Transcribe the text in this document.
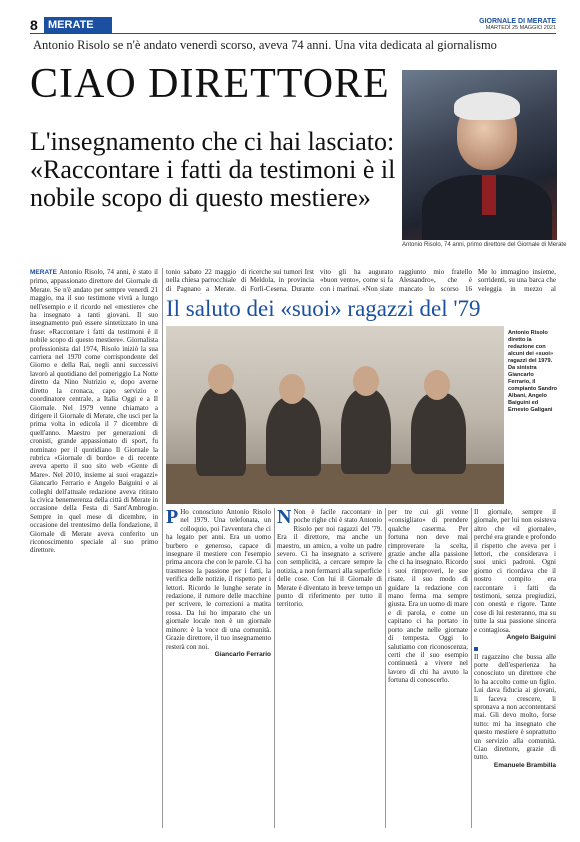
8 MERATE	GIORNALE DI MERATE
MARTEDÌ 25 MAGGIO 2021
Antonio Risolo se n'è andato venerdì scorso, aveva 74 anni. Una vita dedicata al giornalismo
CIAO DIRETTORE
L'insegnamento che ci hai lasciato: «Raccontare i fatti da testimoni è il nobile scopo di questo mestiere»
Antonio Risolo, 74 anni, primo direttore del Giornale di Merate
MERATE Antonio Risolo, 74 anni, è stato il primo, appassionato direttore del Giornale di Merate. Se n'è andato per sempre venerdì 21 maggio, ma il suo testimone vivrà a lungo nell'esempio e il ricordo nel «mestiere» che ha insegnato a tanti giovani. Il suo insegnamento può essere sintetizzato in una frase: «Raccontare i fatti da testimoni è il nobile scopo di questo mestiere». Giornalista professionista dal 1974, Risolo iniziò la sua carriera nel 1970 come corrispondente del Giorno e della Rai, negli anni successivi lavorò al quotidiano del pomeriggio La Notte diretto da Nino Nutrizio e, dopo averne diretto la cronaca, capo servizio e coordinatore centrale, a Italia Oggi e a Il Giornale. Nel 1979 venne chiamato a dirigere il Giornale di Merate, che uscì per la prima volta in edicola il 7 dicembre di quell'anno. Maestro per generazioni di cronisti, grande appassionato di sport, fu nominato per il quotidiano Il Giornale la rubrica «Giornale di bordo» e di recente aveva aperto il suo sito web «Gente di Mare». Nel 2010, insieme ai suoi «ragazzi» Giancarlo Ferrario e Angelo Baiguini e ai colleghi dell'attuale redazione aveva ritirato la civica benemerenza della città di Merate in occasione della Festa di Sant'Ambrogio. Sempre in quel mese di dicembre, in occasione del trentesimo della fondazione, il Giornale di Merate aveva conferito un riconoscimento speciale al suo primo direttore.
tonio sabato 22 maggio nella chiesa parrocchiale di Pagnano a Merate.
di ricerche sui tumori Irst di Meldola, in provincia di Forlì-Cesena. Durante
vito gli ha augurato «buon vento», come si fa con i marinai. «Non siate
raggiunto mio fratello Alessandro», che è mancato lo scorso 16
Me lo immagino insieme, sorridenti, su una barca che veleggia in mezzo al
Il saluto dei «suoi» ragazzi del '79
Antonio Risolo diretto la redazione con alcuni dei «suoi» ragazzi del 1979. Da sinistra Giancarlo Ferrario, il compianto Sandro Albani, Angelo Baiguini ed Ernesto Galigani
P Ho conosciuto Antonio Risolo nel 1979. Una telefonata, un colloquio, poi l'avventura che ci ha legato per anni. Era un uomo burbero e generoso, capace di insegnare il mestiere con l'esempio prima ancora che con le parole. Ci ha trasmesso la passione per i fatti, la verifica delle notizie, il rispetto per i lettori. Ricordo le lunghe serate in redazione, il rumore delle macchine per scrivere, le correzioni a matita rossa. Da lui ho imparato che un giornale locale non è un giornale minore: è la voce di una comunità. Grazie direttore, il tuo insegnamento resterà con noi.
Giancarlo Ferrario
N Non è facile raccontare in poche righe chi è stato Antonio Risolo per noi ragazzi del '79. Era il direttore, ma anche un maestro, un amico, a volte un padre severo. Ci ha insegnato a scrivere con semplicità, a cercare sempre la notizia, a non fermarci alla superficie delle cose. Con lui il Giornale di Merate è diventato in breve tempo un punto di riferimento per tutto il territorio.
per tre cui gli venne «consigliato» di prendere qualche caserma. Per fortuna non deve mai rimproverare la scelta, grazie anche alla passione che ci ha insegnato. Ricordo i suoi rimproveri, le sue risate, il suo modo di guidare la redazione con mano ferma ma sempre giusta. Era un uomo di mare e di parola, e come un capitano ci ha portato in porto anche nelle giornate di tempesta. Oggi lo salutiamo con riconoscenza, certi che il suo esempio continuerà a vivere nel lavoro di chi ha avuto la fortuna di conoscerlo.
Il giornale, sempre il giornale, per lui non esisteva altro che «il giornale», perché era grande e profondo il rispetto che aveva per i lettori, che considerava i suoi unici padroni. Ogni giorno ci ricordava che il nostro compito era raccontare i fatti da testimoni, senza pregiudizi, con onestà e rigore. Tante cose di lui resteranno, ma su tutte la sua passione sincera e contagiosa.
Angelo Baiguini
Il ragazzino che bussa alle porte dell'esperienza ha conosciuto un direttore che lo ha accolto come un figlio. Lui dava fiducia ai giovani, li faceva crescere, li spronava a non accontentarsi mai. Gli devo molto, forse tutto: mi ha insegnato che questo mestiere è soprattutto un servizio alla comunità. Ciao direttore, grazie di tutto.
Emanuele Brambilla
